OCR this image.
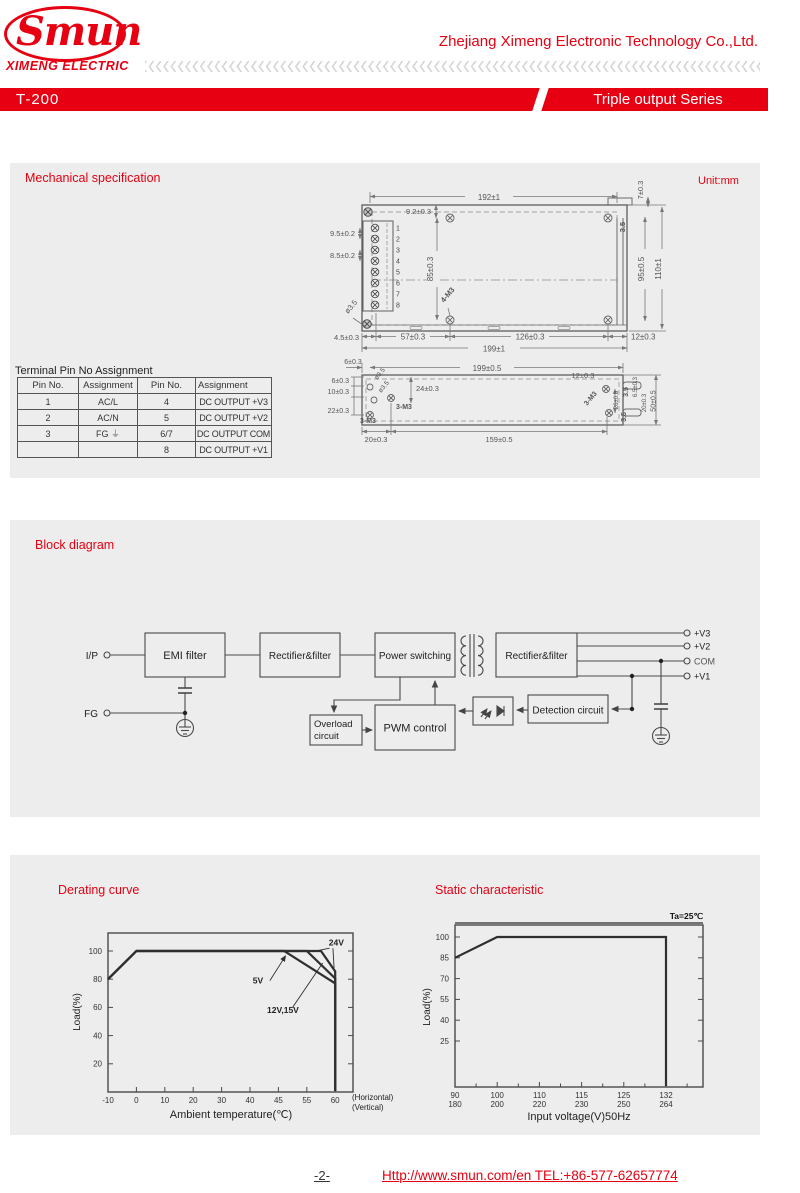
Smun
XIMENG ELECTRIC
Zhejiang Ximeng Electronic Technology Co.,Ltd.
T-200	Triple output Series
Mechanical specification	Unit:mm
1
2
3
4
5
6
7
8
192±1
199±1
9.2±0.3
9.5±0.2
8.5±0.2
85±0.3	95±0.5 110±1
7±0.3
3.5
4.5±0.3	57±0.3	126±0.3	12±0.3
4-M3
ø3.5
199±0.5
6±0.3
6±0.3
10±0.3
22±0.3
ø3.5
ø3.5
3-M3
3-M3
3-M3
24±0.3
12±0.3
26±0.3 3.5
3.5
6.5±0.3
20±0.3 50±0.5
20±0.3	159±0.5
Terminal Pin No Assignment
Pin No.	Assignment	Pin No.	Assignment
1	AC/L	4	DC OUTPUT +V3
2	AC/N	5	DC OUTPUT +V2
3	FG ⏚	6/7	DC OUTPUT COM
		8	DC OUTPUT +V1
Block diagram
I/P
FG
EMI filter	Rectifier&filter	Power switching	Rectifier&filter
Detection circuit
PWM control
Overload
circuit
+V3
+V2
COM
+V1
Derating curve	Static characteristic
20
40
60
80
100
-10	0	10 20 30 40 45 55 60
24V
5V
12V,15V
Load(%)
Ambient temperature(℃)
(Horizontal)
(Vertical)
25
40
55
70
85
100
90
180
100
200
110
220
115
230
125
250
132
264
Ta=25℃
Load(%)
Input voltage(V)50Hz
-2-	Http://www.smun.com/en TEL:+86-577-62657774
